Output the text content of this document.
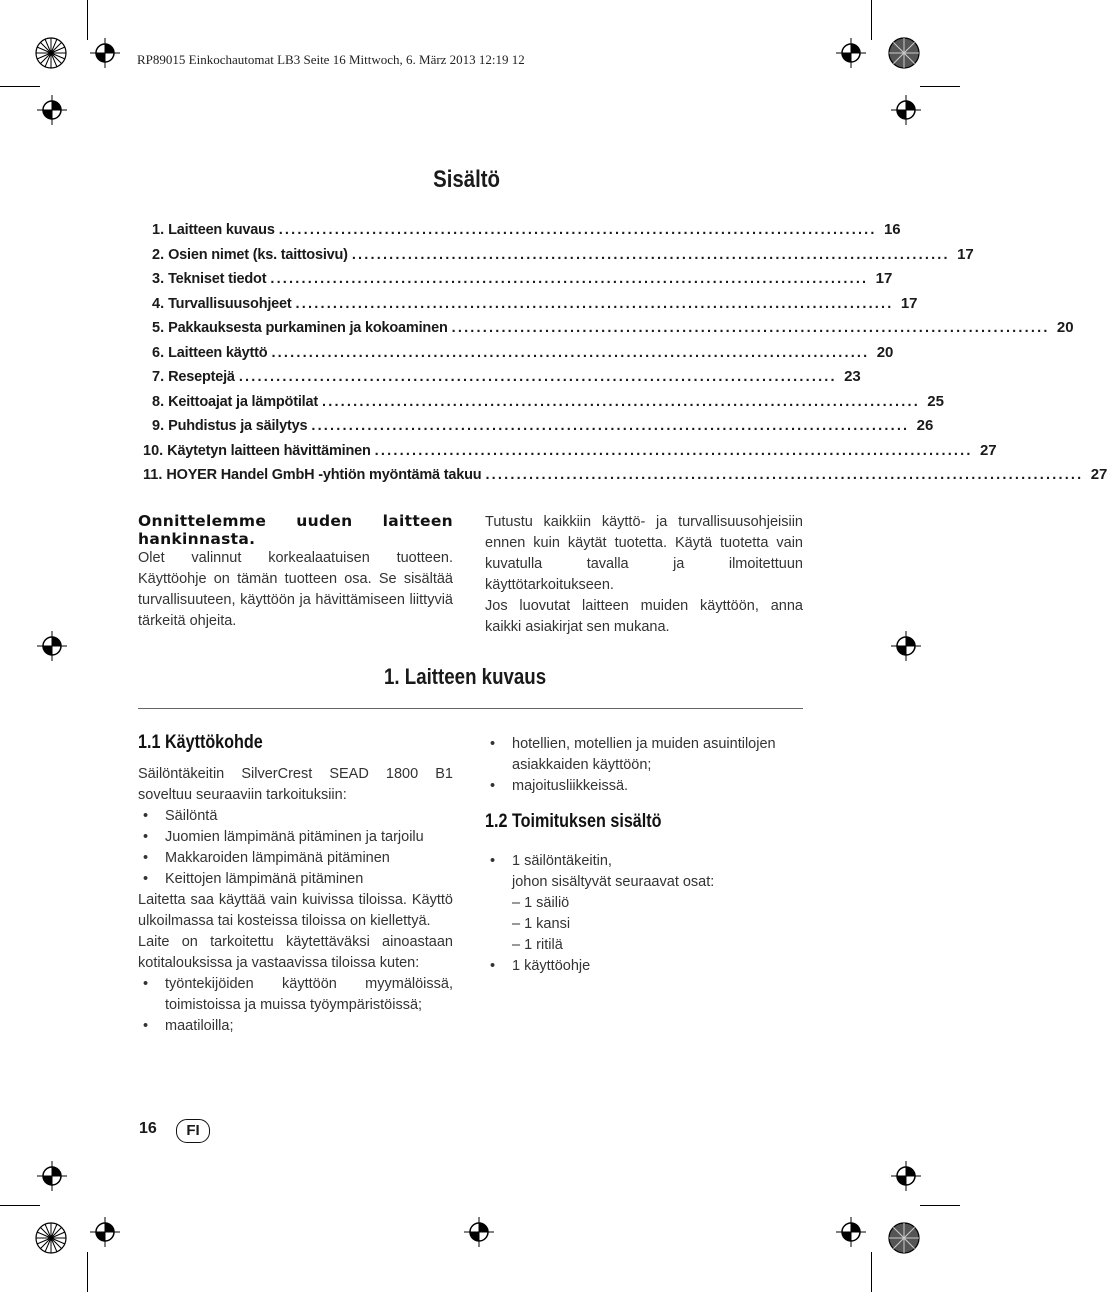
RP89015 Einkochautomat LB3 Seite 16 Mittwoch, 6. März 2013 12:19 12
Sisältö
1. Laitteen kuvaus ................................................................................................ 16
2. Osien nimet (ks. taittosivu) ................................................................................................ 17
3. Tekniset tiedot ................................................................................................ 17
4. Turvallisuusohjeet ................................................................................................ 17
5. Pakkauksesta purkaminen ja kokoaminen ................................................................................................ 20
6. Laitteen käyttö ................................................................................................ 20
7. Reseptejä ................................................................................................ 23
8. Keittoajat ja lämpötilat ................................................................................................ 25
9. Puhdistus ja säilytys ................................................................................................ 26
10. Käytetyn laitteen hävittäminen ................................................................................................ 27
11. HOYER Handel GmbH -yhtiön myöntämä takuu ................................................................................................ 27
Onnittelemme uuden laitteen hankinnasta.
Olet valinnut korkealaatuisen tuotteen. Käyttöohje on tämän tuotteen osa. Se sisältää turvallisuuteen, käyttöön ja hävittämiseen liittyviä tärkeitä ohjeita.
Tutustu kaikkiin käyttö- ja turvallisuusohjeisiin ennen kuin käytät tuotetta. Käytä tuotetta vain kuvatulla tavalla ja ilmoitettuun käyttötarkoitukseen.
Jos luovutat laitteen muiden käyttöön, anna kaikki asiakirjat sen mukana.
1. Laitteen kuvaus
1.1 Käyttökohde
Säilöntäkeitin SilverCrest SEAD 1800 B1 soveltuu seuraaviin tarkoituksiin:
• Säilöntä
• Juomien lämpimänä pitäminen ja tarjoilu
• Makkaroiden lämpimänä pitäminen
• Keittojen lämpimänä pitäminen
Laitetta saa käyttää vain kuivissa tiloissa. Käyttö ulkoilmassa tai kosteissa tiloissa on kiellettyä.
Laite on tarkoitettu käytettäväksi ainoastaan kotitalouksissa ja vastaavissa tiloissa kuten:
• työntekijöiden käyttöön myymälöissä, toimistoissa ja muissa työympäristöissä;
• maatiloilla;
• hotellien, motellien ja muiden asuintilojen asiakkaiden käyttöön;
• majoitusliikkeissä.
1.2 Toimituksen sisältö
• 1 säilöntäkeitin,
johon sisältyvät seuraavat osat:
– 1 säiliö
– 1 kansi
– 1 ritilä
• 1 käyttöohje
16	FI
